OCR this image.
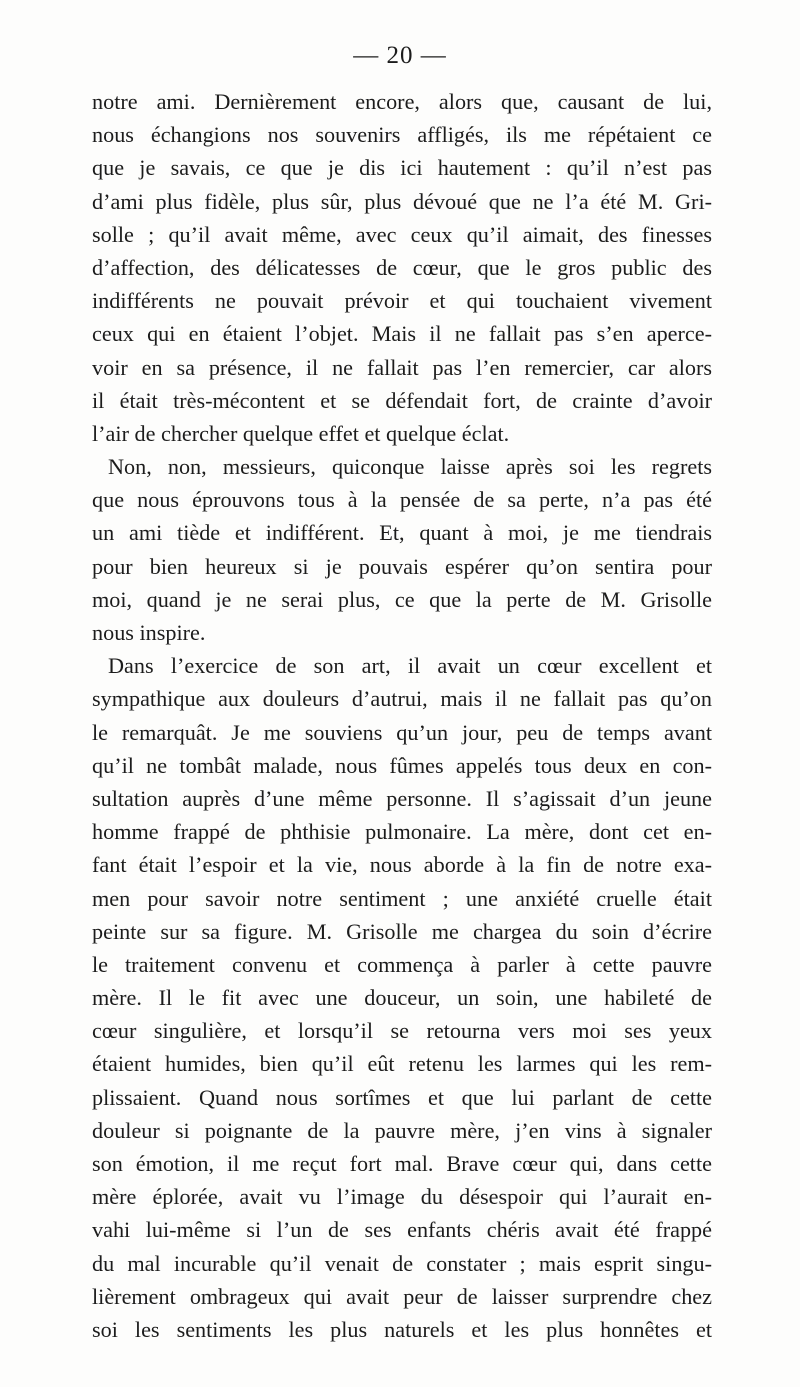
— 20 —
notre ami. Dernièrement encore, alors que, causant de lui,
nous échangions nos souvenirs affligés, ils me répétaient ce
que je savais, ce que je dis ici hautement : qu’il n’est pas
d’ami plus fidèle, plus sûr, plus dévoué que ne l’a été M. Gri-
solle ; qu’il avait même, avec ceux qu’il aimait, des finesses
d’affection, des délicatesses de cœur, que le gros public des
indifférents ne pouvait prévoir et qui touchaient vivement
ceux qui en étaient l’objet. Mais il ne fallait pas s’en aperce-
voir en sa présence, il ne fallait pas l’en remercier, car alors
il était très-mécontent et se défendait fort, de crainte d’avoir
l’air de chercher quelque effet et quelque éclat.
Non, non, messieurs, quiconque laisse après soi les regrets
que nous éprouvons tous à la pensée de sa perte, n’a pas été
un ami tiède et indifférent. Et, quant à moi, je me tiendrais
pour bien heureux si je pouvais espérer qu’on sentira pour
moi, quand je ne serai plus, ce que la perte de M. Grisolle
nous inspire.
Dans l’exercice de son art, il avait un cœur excellent et
sympathique aux douleurs d’autrui, mais il ne fallait pas qu’on
le remarquât. Je me souviens qu’un jour, peu de temps avant
qu’il ne tombât malade, nous fûmes appelés tous deux en con-
sultation auprès d’une même personne. Il s’agissait d’un jeune
homme frappé de phthisie pulmonaire. La mère, dont cet en-
fant était l’espoir et la vie, nous aborde à la fin de notre exa-
men pour savoir notre sentiment ; une anxiété cruelle était
peinte sur sa figure. M. Grisolle me chargea du soin d’écrire
le traitement convenu et commença à parler à cette pauvre
mère. Il le fit avec une douceur, un soin, une habileté de
cœur singulière, et lorsqu’il se retourna vers moi ses yeux
étaient humides, bien qu’il eût retenu les larmes qui les rem-
plissaient. Quand nous sortîmes et que lui parlant de cette
douleur si poignante de la pauvre mère, j’en vins à signaler
son émotion, il me reçut fort mal. Brave cœur qui, dans cette
mère éplorée, avait vu l’image du désespoir qui l’aurait en-
vahi lui-même si l’un de ses enfants chéris avait été frappé
du mal incurable qu’il venait de constater ; mais esprit singu-
lièrement ombrageux qui avait peur de laisser surprendre chez
soi les sentiments les plus naturels et les plus honnêtes et
